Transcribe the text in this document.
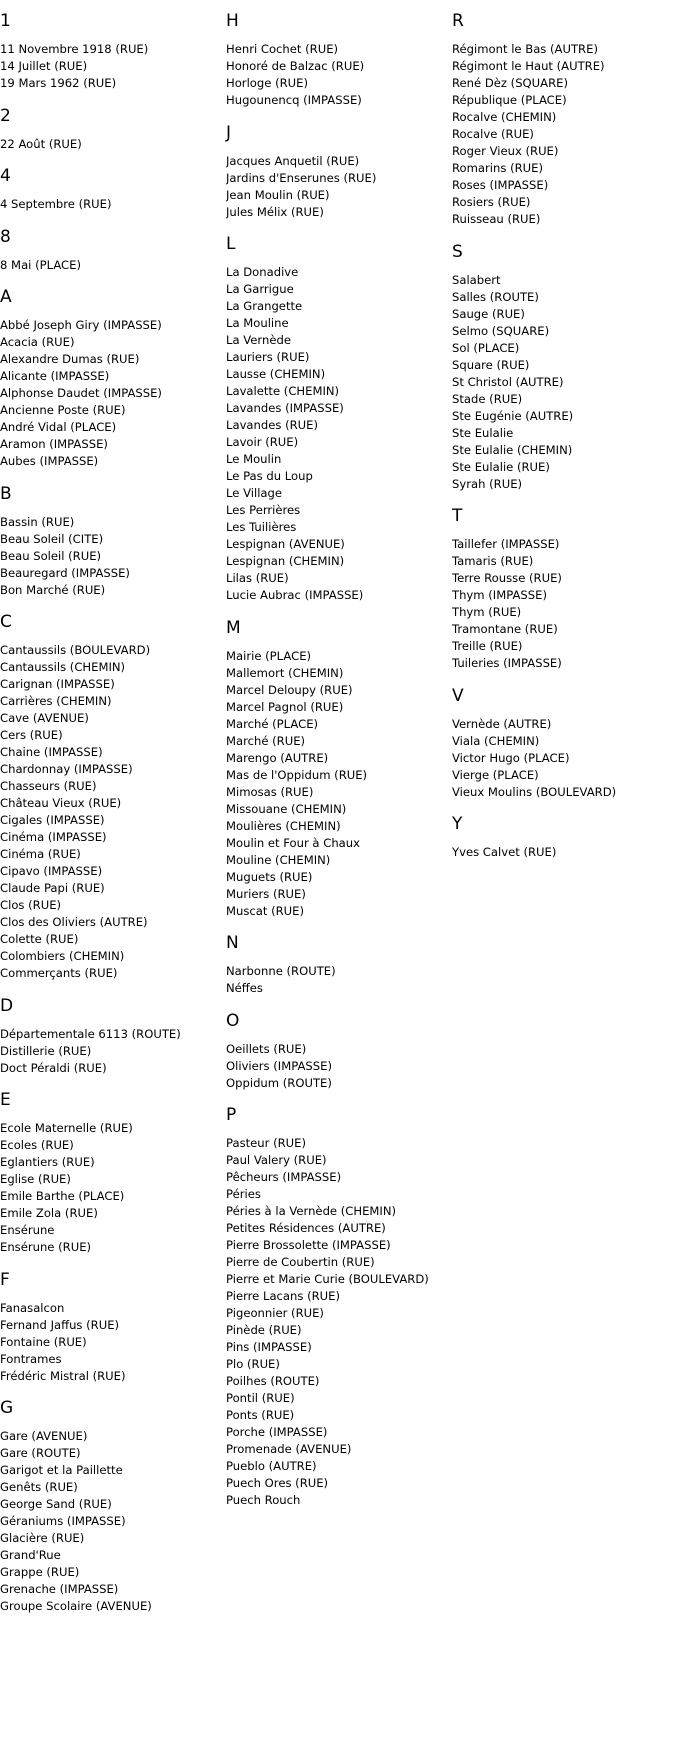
1
11 Novembre 1918 (RUE)
14 Juillet (RUE)
19 Mars 1962 (RUE)
2
22 Août (RUE)
4
4 Septembre (RUE)
8
8 Mai (PLACE)
A
Abbé Joseph Giry (IMPASSE)
Acacia (RUE)
Alexandre Dumas (RUE)
Alicante (IMPASSE)
Alphonse Daudet (IMPASSE)
Ancienne Poste (RUE)
André Vidal (PLACE)
Aramon (IMPASSE)
Aubes (IMPASSE)
B
Bassin (RUE)
Beau Soleil (CITE)
Beau Soleil (RUE)
Beauregard (IMPASSE)
Bon Marché (RUE)
C
Cantaussils (BOULEVARD)
Cantaussils (CHEMIN)
Carignan (IMPASSE)
Carrières (CHEMIN)
Cave (AVENUE)
Cers (RUE)
Chaine (IMPASSE)
Chardonnay (IMPASSE)
Chasseurs (RUE)
Château Vieux (RUE)
Cigales (IMPASSE)
Cinéma (IMPASSE)
Cinéma (RUE)
Cipavo (IMPASSE)
Claude Papi (RUE)
Clos (RUE)
Clos des Oliviers (AUTRE)
Colette (RUE)
Colombiers (CHEMIN)
Commerçants (RUE)
D
Départementale 6113 (ROUTE)
Distillerie (RUE)
Doct Péraldi (RUE)
E
Ecole Maternelle (RUE)
Ecoles (RUE)
Eglantiers (RUE)
Eglise (RUE)
Emile Barthe (PLACE)
Emile Zola (RUE)
Ensérune
Ensérune (RUE)
F
Fanasalcon
Fernand Jaffus (RUE)
Fontaine (RUE)
Fontrames
Frédéric Mistral (RUE)
G
Gare (AVENUE)
Gare (ROUTE)
Garigot et la Paillette
Genêts (RUE)
George Sand (RUE)
Géraniums (IMPASSE)
Glacière (RUE)
Grand'Rue
Grappe (RUE)
Grenache (IMPASSE)
Groupe Scolaire (AVENUE)
H
Henri Cochet (RUE)
Honoré de Balzac (RUE)
Horloge (RUE)
Hugounencq (IMPASSE)
J
Jacques Anquetil (RUE)
Jardins d'Enserunes (RUE)
Jean Moulin (RUE)
Jules Mélix (RUE)
L
La Donadive
La Garrigue
La Grangette
La Mouline
La Vernède
Lauriers (RUE)
Lausse (CHEMIN)
Lavalette (CHEMIN)
Lavandes (IMPASSE)
Lavandes (RUE)
Lavoir (RUE)
Le Moulin
Le Pas du Loup
Le Village
Les Perrières
Les Tuilières
Lespignan (AVENUE)
Lespignan (CHEMIN)
Lilas (RUE)
Lucie Aubrac (IMPASSE)
M
Mairie (PLACE)
Mallemort (CHEMIN)
Marcel Deloupy (RUE)
Marcel Pagnol (RUE)
Marché (PLACE)
Marché (RUE)
Marengo (AUTRE)
Mas de l'Oppidum (RUE)
Mimosas (RUE)
Missouane (CHEMIN)
Moulières (CHEMIN)
Moulin et Four à Chaux
Mouline (CHEMIN)
Muguets (RUE)
Muriers (RUE)
Muscat (RUE)
N
Narbonne (ROUTE)
Néffes
O
Oeillets (RUE)
Oliviers (IMPASSE)
Oppidum (ROUTE)
P
Pasteur (RUE)
Paul Valery (RUE)
Pêcheurs (IMPASSE)
Péries
Péries à la Vernède (CHEMIN)
Petites Résidences (AUTRE)
Pierre Brossolette (IMPASSE)
Pierre de Coubertin (RUE)
Pierre et Marie Curie (BOULEVARD)
Pierre Lacans (RUE)
Pigeonnier (RUE)
Pinède (RUE)
Pins (IMPASSE)
Plo (RUE)
Poilhes (ROUTE)
Pontil (RUE)
Ponts (RUE)
Porche (IMPASSE)
Promenade (AVENUE)
Pueblo (AUTRE)
Puech Ores (RUE)
Puech Rouch
R
Régimont le Bas (AUTRE)
Régimont le Haut (AUTRE)
René Dèz (SQUARE)
République (PLACE)
Rocalve (CHEMIN)
Rocalve (RUE)
Roger Vieux (RUE)
Romarins (RUE)
Roses (IMPASSE)
Rosiers (RUE)
Ruisseau (RUE)
S
Salabert
Salles (ROUTE)
Sauge (RUE)
Selmo (SQUARE)
Sol (PLACE)
Square (RUE)
St Christol (AUTRE)
Stade (RUE)
Ste Eugénie (AUTRE)
Ste Eulalie
Ste Eulalie (CHEMIN)
Ste Eulalie (RUE)
Syrah (RUE)
T
Taillefer (IMPASSE)
Tamaris (RUE)
Terre Rousse (RUE)
Thym (IMPASSE)
Thym (RUE)
Tramontane (RUE)
Treille (RUE)
Tuileries (IMPASSE)
V
Vernède (AUTRE)
Viala (CHEMIN)
Victor Hugo (PLACE)
Vierge (PLACE)
Vieux Moulins (BOULEVARD)
Y
Yves Calvet (RUE)
